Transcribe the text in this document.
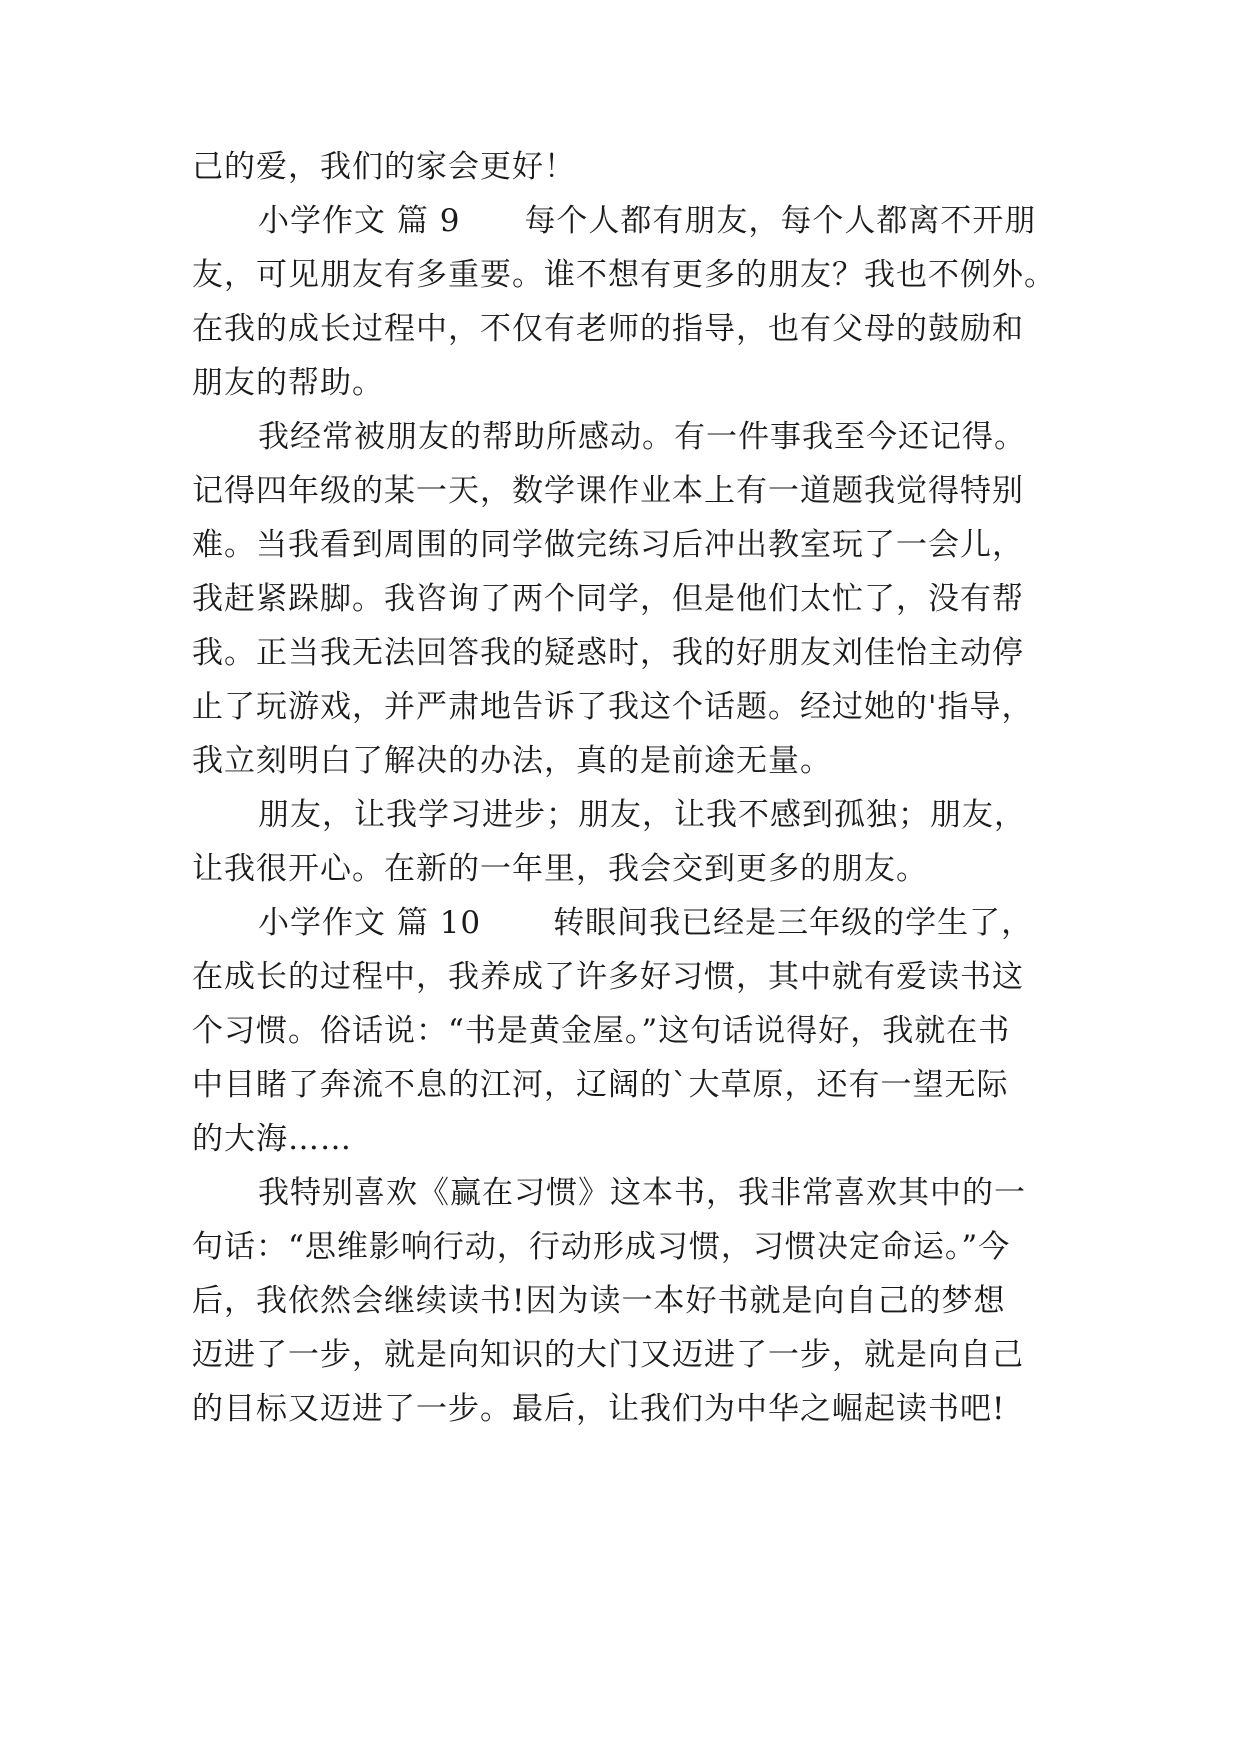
己的爱，我们的家会更好！

小学作文 篇 9 每个人都有朋友，每个人都离不开朋

友，可见朋友有多重要。谁不想有更多的朋友？我也不例外。

在我的成长过程中，不仅有老师的指导，也有父母的鼓励和

朋友的帮助。

我经常被朋友的帮助所感动。有一件事我至今还记得。

记得四年级的某一天，数学课作业本上有一道题我觉得特别

难。当我看到周围的同学做完练习后冲出教室玩了一会儿，

我赶紧跺脚。我咨询了两个同学，但是他们太忙了，没有帮

我。正当我无法回答我的疑惑时，我的好朋友刘佳怡主动停

止了玩游戏，并严肃地告诉了我这个话题。经过她的'指导，

我立刻明白了解决的办法，真的是前途无量。

朋友，让我学习进步；朋友，让我不感到孤独；朋友，

让我很开心。在新的一年里，我会交到更多的朋友。

小学作文 篇 10 转眼间我已经是三年级的学生了，

在成长的过程中，我养成了许多好习惯，其中就有爱读书这

个习惯。俗话说：“书是黄金屋。”这句话说得好，我就在书

中目睹了奔流不息的江河，辽阔的`大草原，还有一望无际

的大海……

我特别喜欢《赢在习惯》这本书，我非常喜欢其中的一

句话：“思维影响行动，行动形成习惯，习惯决定命运。”今

后，我依然会继续读书!因为读一本好书就是向自己的梦想

迈进了一步，就是向知识的大门又迈进了一步，就是向自己

的目标又迈进了一步。最后，让我们为中华之崛起读书吧!
